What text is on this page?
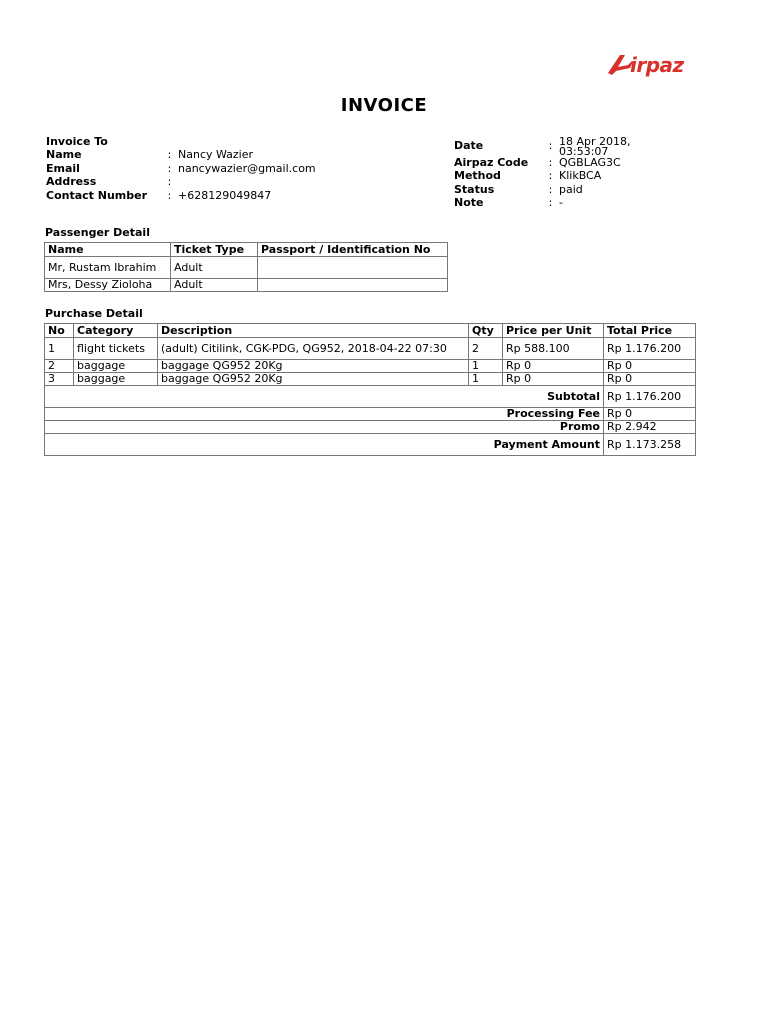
irpaz
INVOICE
Invoice To		
Name	:	Nancy Wazier
Email	:	nancywazier@gmail.com
Address	:	
Contact Number	:	+628129049847
Date	:	18 Apr 2018, 03:53:07
Airpaz Code	:	QGBLAG3C
Method	:	KlikBCA
Status	:	paid
Note	:	-
Passenger Detail
Name	Ticket Type	Passport / Identification No
Mr, Rustam Ibrahim	Adult	
Mrs, Dessy Zioloha	Adult	
Purchase Detail
No	Category	Description	Qty	Price per Unit	Total Price
1	flight tickets	(adult) Citilink, CGK-PDG, QG952, 2018-04-22 07:30	2	Rp 588.100	Rp 1.176.200
2	baggage	baggage QG952 20Kg	1	Rp 0	Rp 0
3	baggage	baggage QG952 20Kg	1	Rp 0	Rp 0
Subtotal					Rp 1.176.200
Processing Fee					Rp 0
Promo					Rp 2.942
Payment Amount					Rp 1.173.258
